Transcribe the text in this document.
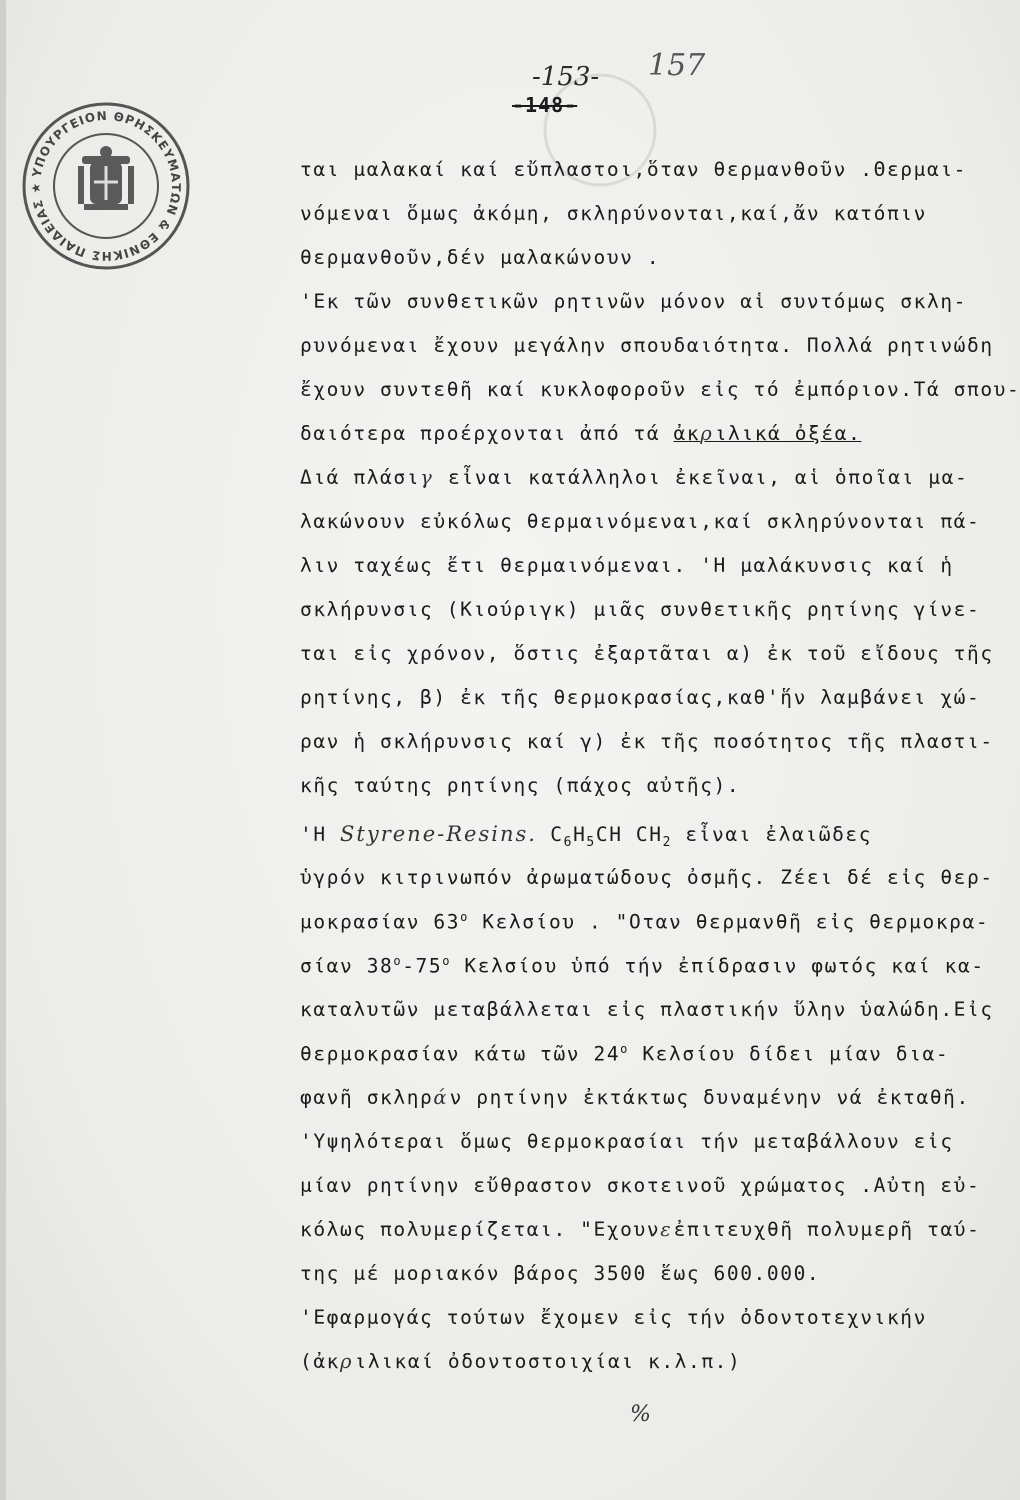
ΥΠΟΥΡΓΕΙΟΝ ΘΡΗΣΚΕΥΜΑΤΩΝ & ΕΘΝΙΚΗΣ ΠΑΙΔΕΙΑΣ ★
-153- 157
-148-
ται μαλακαί καί εὔπλαστοι,ὅταν θερμανθοῦν .Θερμαι-
νόμεναι ὅμως ἀκόμη, σκληρύνονται,καί,ἄν κατόπιν
θερμανθοῦν,δέν μαλακώνουν .
'Εκ τῶν συνθετικῶν ρητινῶν μόνον αἱ συντόμως σκλη-
ρυνόμεναι ἔχουν μεγάλην σπουδαιότητα. Πολλά ρητινώδη
ἔχουν συντεθῆ καί κυκλοφοροῦν εἰς τό ἐμπόριον.Τά σπου-
δαιότερα προέρχονται ἀπό τά ἀκριλικά ὀξέα.
Διά πλάσιγ εἶναι κατάλληλοι ἐκεῖναι, αἱ ὁποῖαι μα-
λακώνουν εὐκόλως θερμαινόμεναι,καί σκληρύνονται πά-
λιν ταχέως ἔτι θερμαινόμεναι. 'Η μαλάκυνσις καί ἡ
σκλήρυνσις (Κιούριγκ) μιᾶς συνθετικῆς ρητίνης γίνε-
ται εἰς χρόνον, ὅστις ἐξαρτᾶται α) ἐκ τοῦ εἴδους τῆς
ρητίνης, β) ἐκ τῆς θερμοκρασίας,καθ'ἥν λαμβάνει χώ-
ραν ἡ σκλήρυνσις καί γ) ἐκ τῆς ποσότητος τῆς πλαστι-
κῆς ταύτης ρητίνης (πάχος αὐτῆς).
'Η Styrene-Resins. $C_6H_5CH$ $CH_2$ εἶναι ἐλαιῶδες
ὑγρόν κιτρινωπόν ἀρωματώδους ὀσμῆς. Ζέει δέ εἰς θερ-
μοκρασίαν $63^o$ Κελσίου . "Οταν θερμανθῆ εἰς θερμοκρα-
σίαν $38^o-75^o$ Κελσίου ὑπό τήν ἐπίδρασιν φωτός καί κα-
καταλυτῶν μεταβάλλεται εἰς πλαστικήν ὕλην ὑαλώδη.Εἰς
θερμοκρασίαν κάτω τῶν $24^o$ Κελσίου δίδει μίαν δια-
φανῆ σκληράν ρητίνην ἐκτάκτως δυναμένην νά ἐκταθῆ.
'Υψηλότεραι ὅμως θερμοκρασίαι τήν μεταβάλλουν εἰς
μίαν ρητίνην εὔθραστον σκοτεινοῦ χρώματος .Αὐτη εὐ-
κόλως πολυμερίζεται. "Εχουνεἐπιτευχθῆ πολυμερῆ ταύ-
της μέ μοριακόν βάρος 3500 ἕως 600.000.
'Εφαρμογάς τούτων ἔχομεν εἰς τήν ὀδοντοτεχνικήν
(ἀκριλικαί ὀδοντοστοιχίαι κ.λ.π.)
%
